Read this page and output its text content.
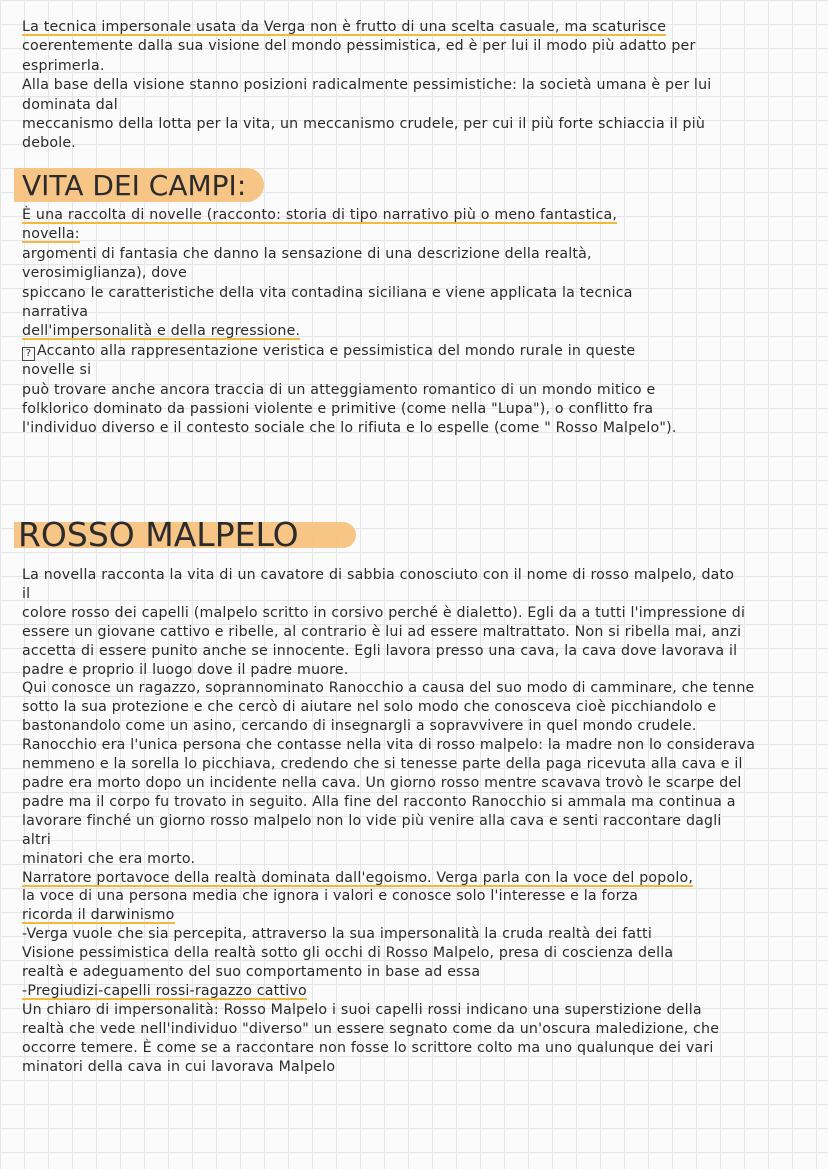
La tecnica impersonale usata da Verga non è frutto di una scelta casuale, ma scaturisce
coerentemente dalla sua visione del mondo pessimistica, ed è per lui il modo più adatto per
esprimerla.
Alla base della visione stanno posizioni radicalmente pessimistiche: la società umana è per lui
dominata dal
meccanismo della lotta per la vita, un meccanismo crudele, per cui il più forte schiaccia il più
debole.
VITA DEI CAMPI:
È una raccolta di novelle (racconto: storia di tipo narrativo più o meno fantastica,
novella:
argomenti di fantasia che danno la sensazione di una descrizione della realtà,
verosimiglianza), dove
spiccano le caratteristiche della vita contadina siciliana e viene applicata la tecnica
narrativa
dell'impersonalità e della regressione.
? Accanto alla rappresentazione veristica e pessimistica del mondo rurale in queste
novelle si
può trovare anche ancora traccia di un atteggiamento romantico di un mondo mitico e
folklorico dominato da passioni violente e primitive (come nella "Lupa"), o conflitto fra
l'individuo diverso e il contesto sociale che lo rifiuta e lo espelle (come " Rosso Malpelo").
ROSSO MALPELO
La novella racconta la vita di un cavatore di sabbia conosciuto con il nome di rosso malpelo, dato
il
colore rosso dei capelli (malpelo scritto in corsivo perché è dialetto). Egli da a tutti l'impressione di
essere un giovane cattivo e ribelle, al contrario è lui ad essere maltrattato. Non si ribella mai, anzi
accetta di essere punito anche se innocente. Egli lavora presso una cava, la cava dove lavorava il
padre e proprio il luogo dove il padre muore.
Qui conosce un ragazzo, soprannominato Ranocchio a causa del suo modo di camminare, che tenne
sotto la sua protezione e che cercò di aiutare nel solo modo che conosceva cioè picchiandolo e
bastonandolo come un asino, cercando di insegnargli a sopravvivere in quel mondo crudele.
Ranocchio era l'unica persona che contasse nella vita di rosso malpelo: la madre non lo considerava
nemmeno e la sorella lo picchiava, credendo che si tenesse parte della paga ricevuta alla cava e il
padre era morto dopo un incidente nella cava. Un giorno rosso mentre scavava trovò le scarpe del
padre ma il corpo fu trovato in seguito. Alla fine del racconto Ranocchio si ammala ma continua a
lavorare finché un giorno rosso malpelo non lo vide più venire alla cava e senti raccontare dagli
altri
minatori che era morto.
Narratore portavoce della realtà dominata dall'egoismo. Verga parla con la voce del popolo,
la voce di una persona media che ignora i valori e conosce solo l'interesse e la forza
ricorda il darwinismo
-Verga vuole che sia percepita, attraverso la sua impersonalità la cruda realtà dei fatti
Visione pessimistica della realtà sotto gli occhi di Rosso Malpelo, presa di coscienza della
realtà e adeguamento del suo comportamento in base ad essa
-Pregiudizi-capelli rossi-ragazzo cattivo
Un chiaro di impersonalità: Rosso Malpelo i suoi capelli rossi indicano una superstizione della
realtà che vede nell'individuo "diverso" un essere segnato come da un'oscura maledizione, che
occorre temere. È come se a raccontare non fosse lo scrittore colto ma uno qualunque dei vari
minatori della cava in cui lavorava Malpelo
